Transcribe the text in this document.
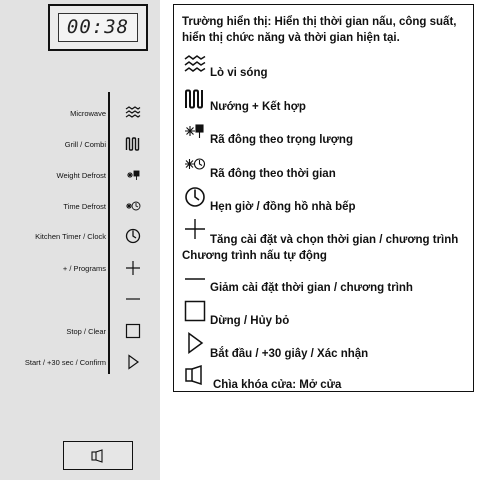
00:38
Microwave
Grill / Combi
Weight Defrost
Time Defrost
Kitchen Timer / Clock
+ / Programs
Stop / Clear
Start / +30 sec / Confirm
Trường hiển thị: Hiển thị thời gian nấu, công suất, hiển thị chức năng và thời gian hiện tại.
Lò vi sóng
Nướng + Kết hợp
Rã đông theo trọng lượng
Rã đông theo thời gian
Hẹn giờ / đồng hồ nhà bếp
Tăng cài đặt và chọn thời gian / chương trình
Chương trình nấu tự động
Giảm cài đặt thời gian / chương trình
Dừng / Hủy bỏ
Bắt đầu / +30 giây / Xác nhận
Chìa khóa cửa: Mở cửa
